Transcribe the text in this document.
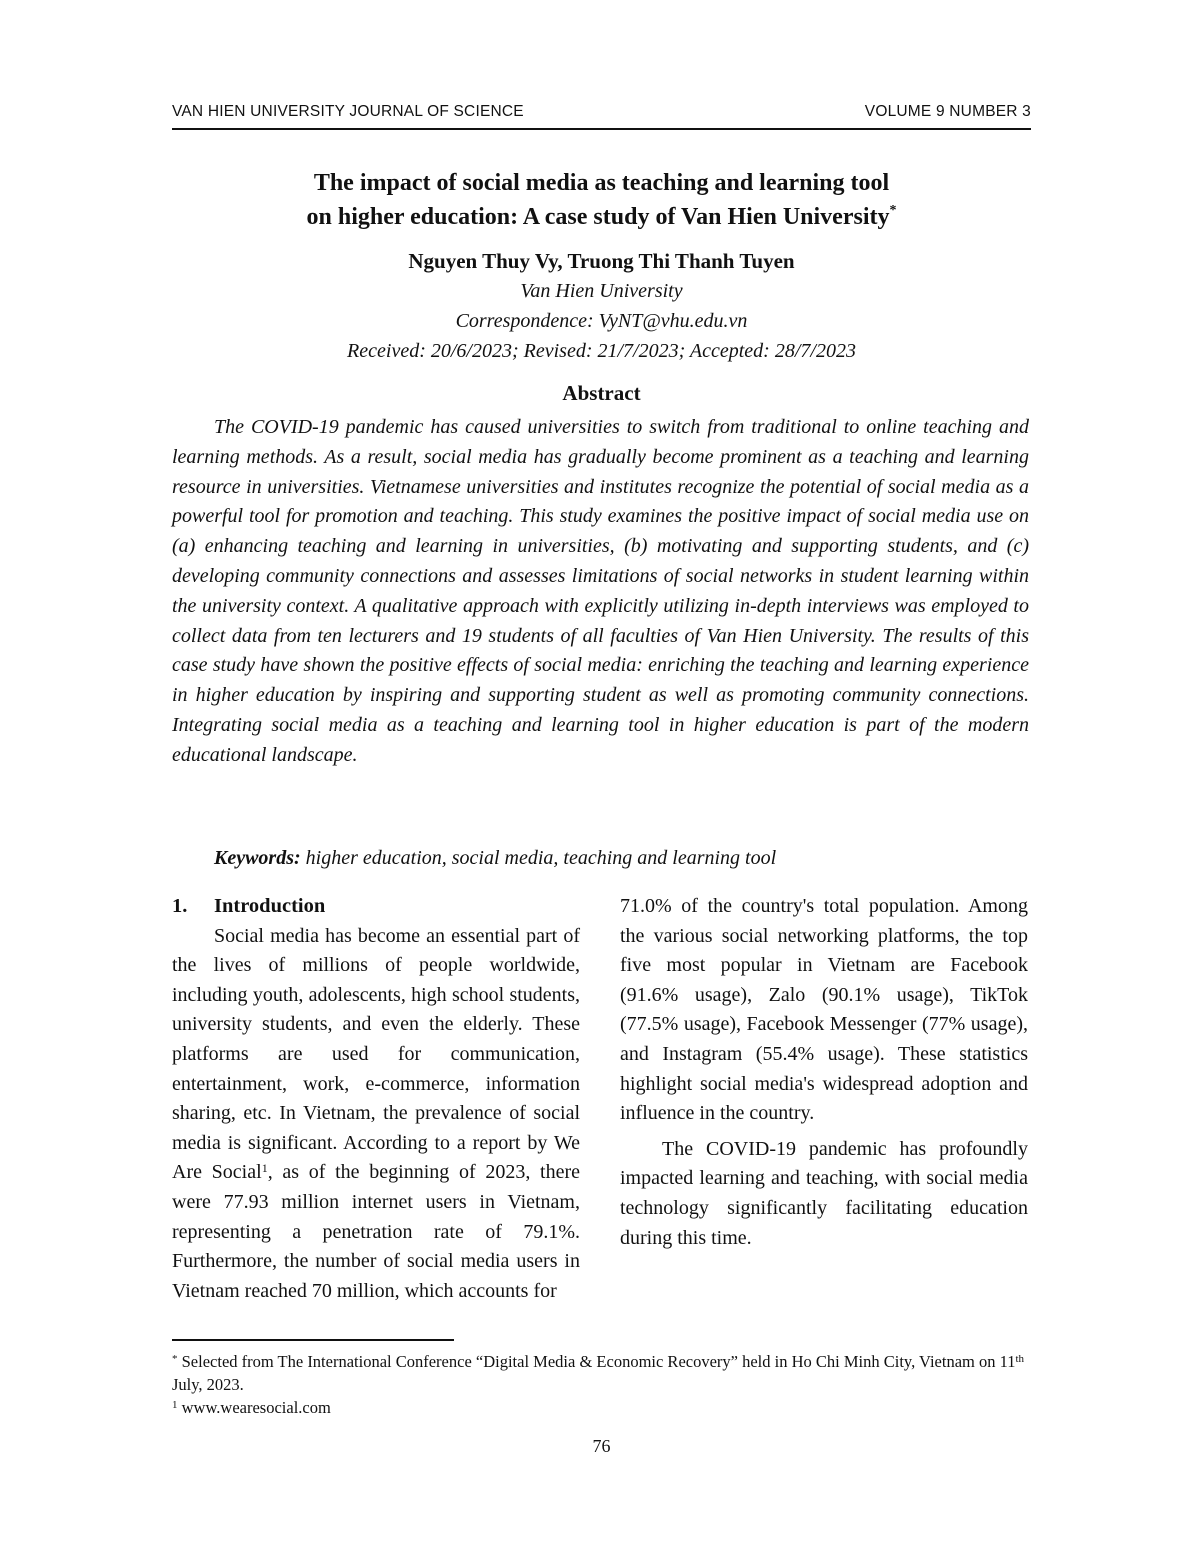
VAN HIEN UNIVERSITY JOURNAL OF SCIENCE	VOLUME 9 NUMBER 3
The impact of social media as teaching and learning tool
on higher education: A case study of Van Hien University*
Nguyen Thuy Vy, Truong Thi Thanh Tuyen
Van Hien University
Correspondence: VyNT@vhu.edu.vn
Received: 20/6/2023; Revised: 21/7/2023; Accepted: 28/7/2023
Abstract

The COVID-19 pandemic has caused universities to switch from traditional to online teaching and learning methods. As a result, social media has gradually become prominent as a teaching and learning resource in universities. Vietnamese universities and institutes recognize the potential of social media as a powerful tool for promotion and teaching. This study examines the positive impact of social media use on (a) enhancing teaching and learning in universities, (b) motivating and supporting students, and (c) developing community connections and assesses limitations of social networks in student learning within the university context. A qualitative approach with explicitly utilizing in-depth interviews was employed to collect data from ten lecturers and 19 students of all faculties of Van Hien University. The results of this case study have shown the positive effects of social media: enriching the teaching and learning experience in higher education by inspiring and supporting student as well as promoting community connections. Integrating social media as a teaching and learning tool in higher education is part of the modern educational landscape.

Keywords: higher education, social media, teaching and learning tool

1. Introduction

Social media has become an essential part of the lives of millions of people worldwide, including youth, adolescents, high school students, university students, and even the elderly. These platforms are used for communication, entertainment, work, e-commerce, information sharing, etc. In Vietnam, the prevalence of social media is significant. According to a report by We Are Social$^1$, as of the beginning of 2023, there were 77.93 million internet users in Vietnam, representing a penetration rate of 79.1%. Furthermore, the number of social media users in Vietnam reached 70 million, which accounts for

71.0% of the country's total population. Among the various social networking platforms, the top five most popular in Vietnam are Facebook (91.6% usage), Zalo (90.1% usage), TikTok (77.5% usage), Facebook Messenger (77% usage), and Instagram (55.4% usage). These statistics highlight social media's widespread adoption and influence in the country.

The COVID-19 pandemic has profoundly impacted learning and teaching, with social media technology significantly facilitating education during this time.

* Selected from The International Conference “Digital Media & Economic Recovery” held in Ho Chi Minh City, Vietnam on 11th July, 2023.

$^1$ www.wearesocial.com

76
